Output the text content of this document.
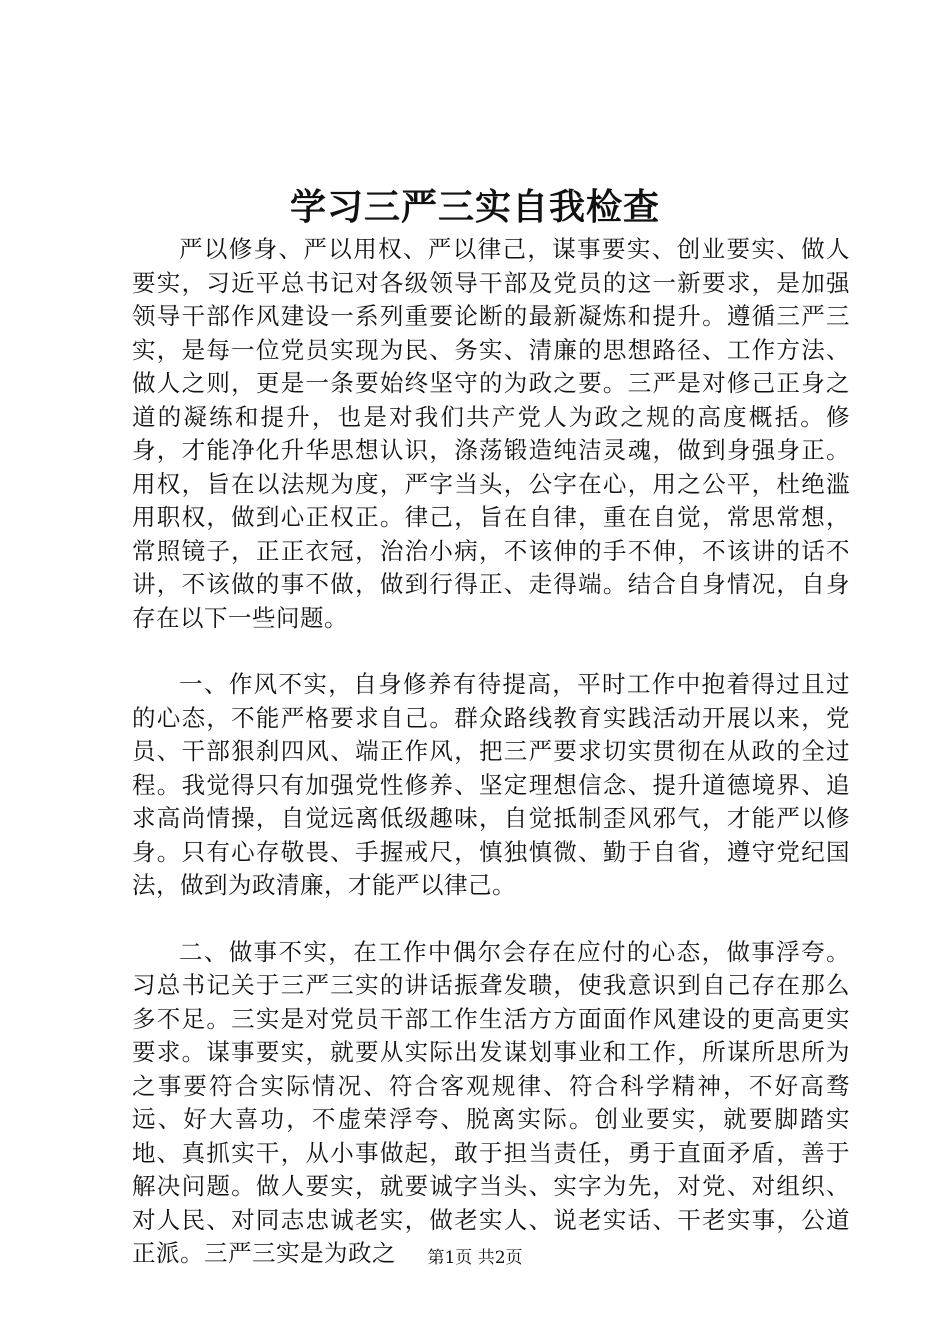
学习三严三实自我检查

严以修身、严以用权、严以律己，谋事要实、创业要实、做人要实，习近平总书记对各级领导干部及党员的这一新要求，是加强领导干部作风建设一系列重要论断的最新凝炼和提升。遵循三严三实，是每一位党员实现为民、务实、清廉的思想路径、工作方法、做人之则，更是一条要始终坚守的为政之要。三严是对修己正身之道的凝练和提升，也是对我们共产党人为政之规的高度概括。修身，才能净化升华思想认识，涤荡锻造纯洁灵魂，做到身强身正。用权，旨在以法规为度，严字当头，公字在心，用之公平，杜绝滥用职权，做到心正权正。律己，旨在自律，重在自觉，常思常想，常照镜子，正正衣冠，治治小病，不该伸的手不伸，不该讲的话不讲，不该做的事不做，做到行得正、走得端。结合自身情况，自身存在以下一些问题。

一、作风不实，自身修养有待提高，平时工作中抱着得过且过的心态，不能严格要求自己。群众路线教育实践活动开展以来，党员、干部狠刹四风、端正作风，把三严要求切实贯彻在从政的全过程。我觉得只有加强党性修养、坚定理想信念、提升道德境界、追求高尚情操，自觉远离低级趣味，自觉抵制歪风邪气，才能严以修身。只有心存敬畏、手握戒尺，慎独慎微、勤于自省，遵守党纪国法，做到为政清廉，才能严以律己。

二、做事不实，在工作中偶尔会存在应付的心态，做事浮夸。习总书记关于三严三实的讲话振聋发聩，使我意识到自己存在那么多不足。三实是对党员干部工作生活方方面面作风建设的更高更实要求。谋事要实，就要从实际出发谋划事业和工作，所谋所思所为之事要符合实际情况、符合客观规律、符合科学精神，不好高骛远、好大喜功，不虚荣浮夸、脱离实际。创业要实，就要脚踏实地、真抓实干，从小事做起，敢于担当责任，勇于直面矛盾，善于解决问题。做人要实，就要诚字当头、实字为先，对党、对组织、对人民、对同志忠诚老实，做老实人、说老实话、干老实事，公道正派。三严三实是为政之	第1页 共2页
